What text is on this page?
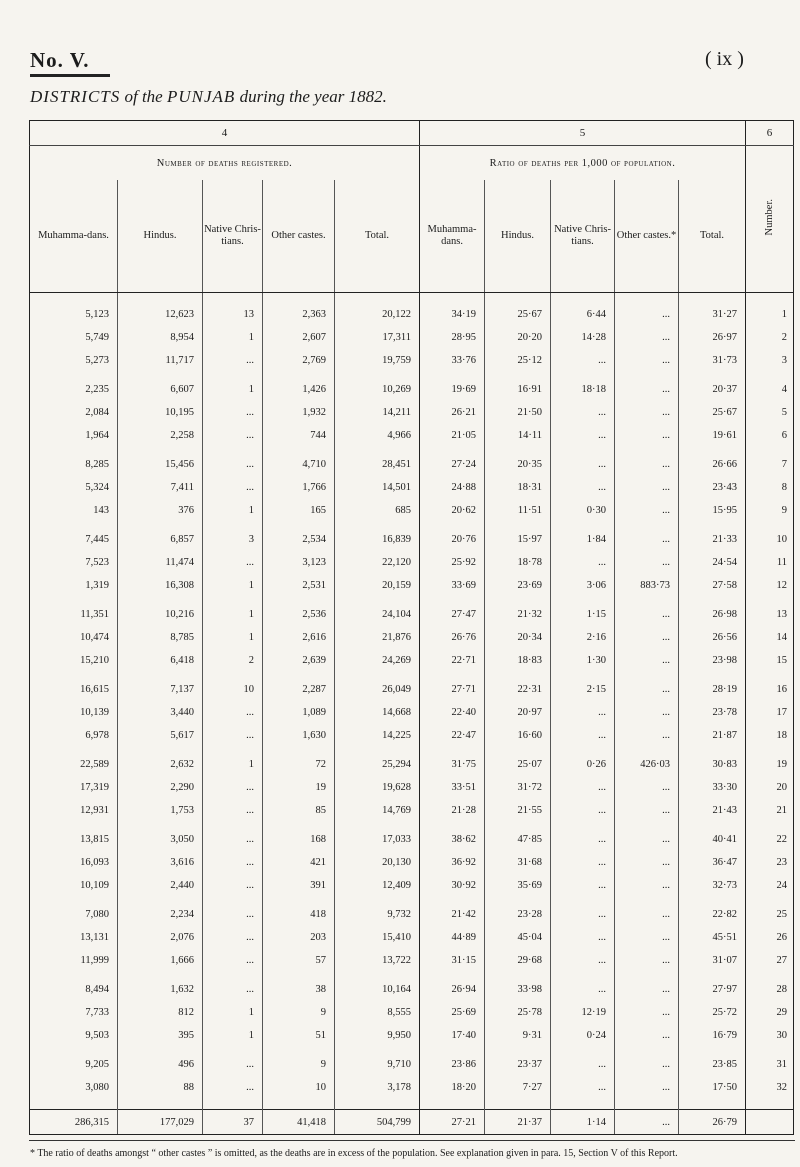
No. V.	( ix )
DISTRICTS of the PUNJAB during the year 1882.
4					5					6
Number of deaths registered.					Ratio of deaths per 1,000 of population.					Number.
Muhamma-dans.	Hindus.	Native Chris-tians.	Other castes.	Total.	Muhamma-dans.	Hindus.	Native Chris-tians.	Other castes.*	Total.	

5,123	12,623	13	2,363	20,122	34·19	25·67	6·44	...	31·27	1
5,749	8,954	1	2,607	17,311	28·95	20·20	14·28	...	26·97	2
5,273	11,717	...	2,769	19,759	33·76	25·12	...	...	31·73	3

2,235	6,607	1	1,426	10,269	19·69	16·91	18·18	...	20·37	4
2,084	10,195	...	1,932	14,211	26·21	21·50	...	...	25·67	5
1,964	2,258	...	744	4,966	21·05	14·11	...	...	19·61	6

8,285	15,456	...	4,710	28,451	27·24	20·35	...	...	26·66	7
5,324	7,411	...	1,766	14,501	24·88	18·31	...	...	23·43	8
143	376	1	165	685	20·62	11·51	0·30	...	15·95	9

7,445	6,857	3	2,534	16,839	20·76	15·97	1·84	...	21·33	10
7,523	11,474	...	3,123	22,120	25·92	18·78	...	...	24·54	11
1,319	16,308	1	2,531	20,159	33·69	23·69	3·06	883·73	27·58	12

11,351	10,216	1	2,536	24,104	27·47	21·32	1·15	...	26·98	13
10,474	8,785	1	2,616	21,876	26·76	20·34	2·16	...	26·56	14
15,210	6,418	2	2,639	24,269	22·71	18·83	1·30	...	23·98	15

16,615	7,137	10	2,287	26,049	27·71	22·31	2·15	...	28·19	16
10,139	3,440	...	1,089	14,668	22·40	20·97	...	...	23·78	17
6,978	5,617	...	1,630	14,225	22·47	16·60	...	...	21·87	18

22,589	2,632	1	72	25,294	31·75	25·07	0·26	426·03	30·83	19
17,319	2,290	...	19	19,628	33·51	31·72	...	...	33·30	20
12,931	1,753	...	85	14,769	21·28	21·55	...	...	21·43	21

13,815	3,050	...	168	17,033	38·62	47·85	...	...	40·41	22
16,093	3,616	...	421	20,130	36·92	31·68	...	...	36·47	23
10,109	2,440	...	391	12,409	30·92	35·69	...	...	32·73	24

7,080	2,234	...	418	9,732	21·42	23·28	...	...	22·82	25
13,131	2,076	...	203	15,410	44·89	45·04	...	...	45·51	26
11,999	1,666	...	57	13,722	31·15	29·68	...	...	31·07	27

8,494	1,632	...	38	10,164	26·94	33·98	...	...	27·97	28
7,733	812	1	9	8,555	25·69	25·78	12·19	...	25·72	29
9,503	395	1	51	9,950	17·40	9·31	0·24	...	16·79	30

9,205	496	...	9	9,710	23·86	23·37	...	...	23·85	31
3,080	88	...	10	3,178	18·20	7·27	...	...	17·50	32

286,315	177,029	37	41,418	504,799	27·21	21·37	1·14	...	26·79	
* The ratio of deaths amongst “ other castes ” is omitted, as the deaths are in excess of the population. See explanation given in para. 15, Section V of this Report.
